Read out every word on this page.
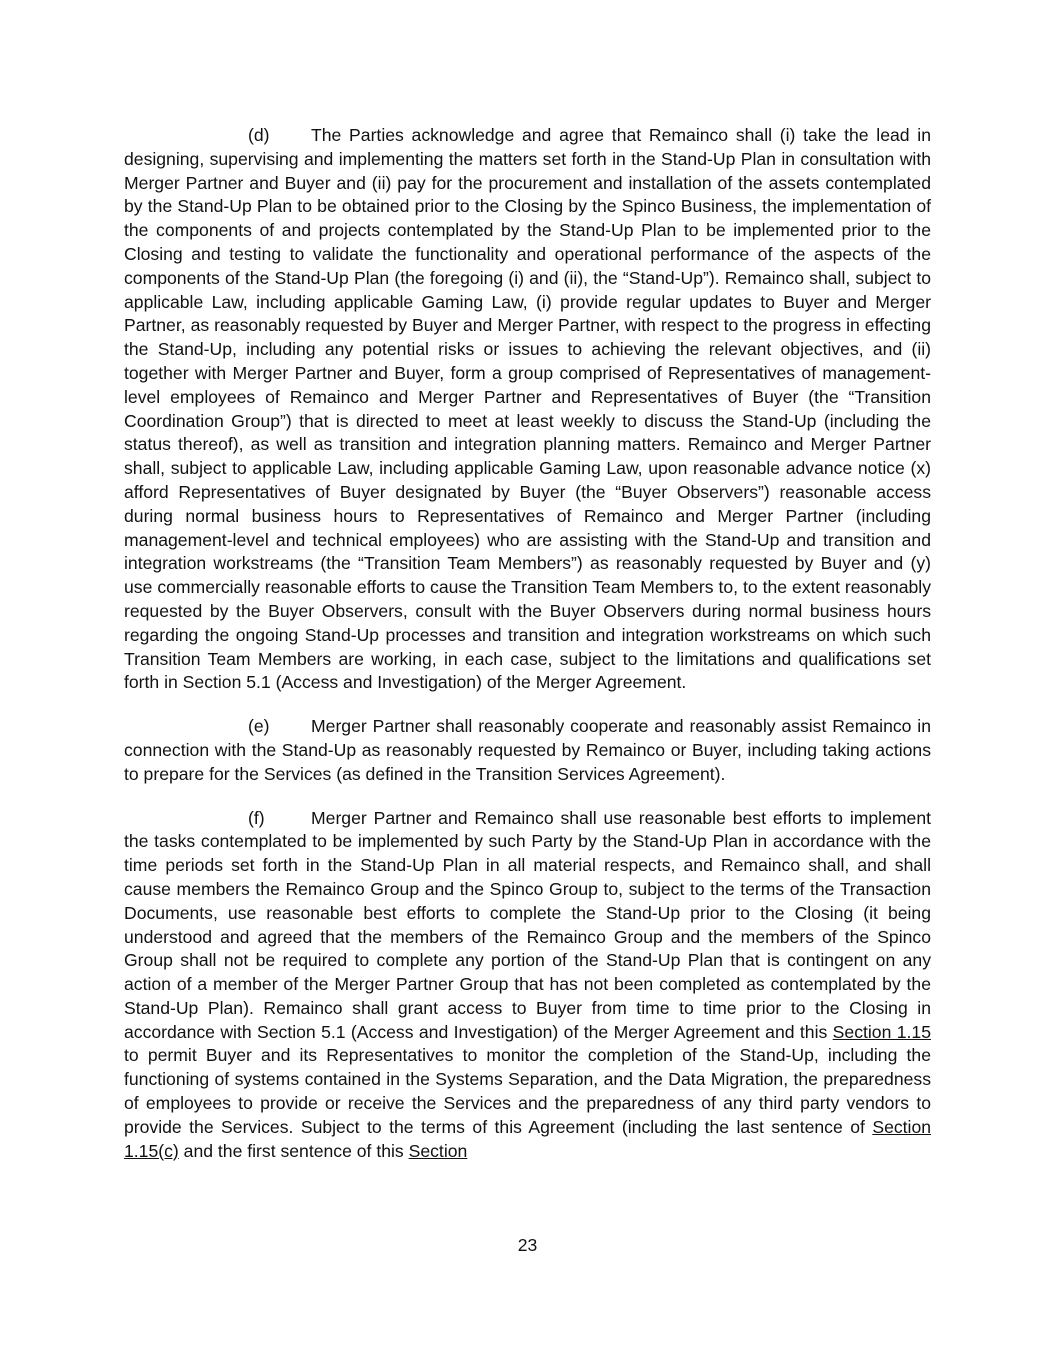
(d) The Parties acknowledge and agree that Remainco shall (i) take the lead in designing, supervising and implementing the matters set forth in the Stand-Up Plan in consultation with Merger Partner and Buyer and (ii) pay for the procurement and installation of the assets contemplated by the Stand-Up Plan to be obtained prior to the Closing by the Spinco Business, the implementation of the components of and projects contemplated by the Stand-Up Plan to be implemented prior to the Closing and testing to validate the functionality and operational performance of the aspects of the components of the Stand-Up Plan (the foregoing (i) and (ii), the “Stand-Up”). Remainco shall, subject to applicable Law, including applicable Gaming Law, (i) provide regular updates to Buyer and Merger Partner, as reasonably requested by Buyer and Merger Partner, with respect to the progress in effecting the Stand-Up, including any potential risks or issues to achieving the relevant objectives, and (ii) together with Merger Partner and Buyer, form a group comprised of Representatives of management-level employees of Remainco and Merger Partner and Representatives of Buyer (the “Transition Coordination Group”) that is directed to meet at least weekly to discuss the Stand-Up (including the status thereof), as well as transition and integration planning matters. Remainco and Merger Partner shall, subject to applicable Law, including applicable Gaming Law, upon reasonable advance notice (x) afford Representatives of Buyer designated by Buyer (the “Buyer Observers”) reasonable access during normal business hours to Representatives of Remainco and Merger Partner (including management-level and technical employees) who are assisting with the Stand-Up and transition and integration workstreams (the “Transition Team Members”) as reasonably requested by Buyer and (y) use commercially reasonable efforts to cause the Transition Team Members to, to the extent reasonably requested by the Buyer Observers, consult with the Buyer Observers during normal business hours regarding the ongoing Stand-Up processes and transition and integration workstreams on which such Transition Team Members are working, in each case, subject to the limitations and qualifications set forth in Section 5.1 (Access and Investigation) of the Merger Agreement.

(e) Merger Partner shall reasonably cooperate and reasonably assist Remainco in connection with the Stand-Up as reasonably requested by Remainco or Buyer, including taking actions to prepare for the Services (as defined in the Transition Services Agreement).

(f)	Merger Partner and Remainco shall use reasonable best efforts to implement the tasks contemplated to be implemented by such Party by the Stand-Up Plan in accordance with the time periods set forth in the Stand-Up Plan in all material respects, and Remainco shall, and shall cause members the Remainco Group and the Spinco Group to, subject to the terms of the Transaction Documents, use reasonable best efforts to complete the Stand-Up prior to the Closing (it being understood and agreed that the members of the Remainco Group and the members of the Spinco Group shall not be required to complete any portion of the Stand-Up Plan that is contingent on any action of a member of the Merger Partner Group that has not been completed as contemplated by the Stand-Up Plan). Remainco shall grant access to Buyer from time to time prior to the Closing in accordance with Section 5.1 (Access and Investigation) of the Merger Agreement and this Section 1.15 to permit Buyer and its Representatives to monitor the completion of the Stand-Up, including the functioning of systems contained in the Systems Separation, and the Data Migration, the preparedness of employees to provide or receive the Services and the preparedness of any third party vendors to provide the Services. Subject to the terms of this Agreement (including the last sentence of Section 1.15(c) and the first sentence of this Section

23
